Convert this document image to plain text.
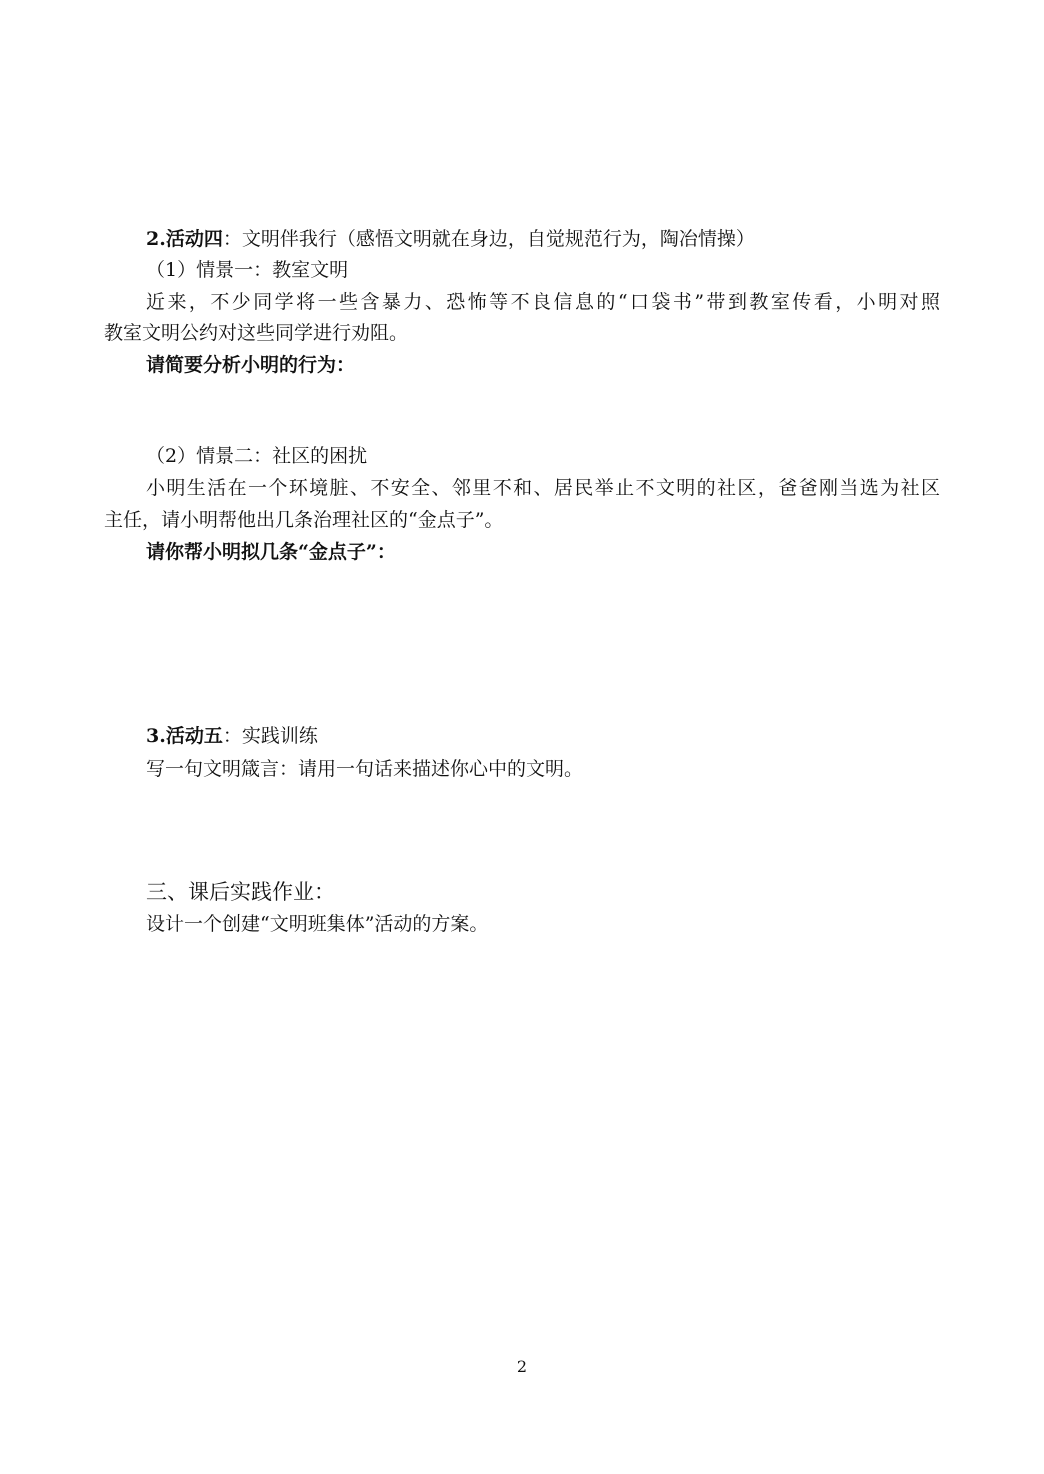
2.活动四：文明伴我行（感悟文明就在身边，自觉规范行为，陶冶情操）
（1）情景一：教室文明
近来，不少同学将一些含暴力、恐怖等不良信息的“口袋书”带到教室传看，小明对照
教室文明公约对这些同学进行劝阻。
请简要分析小明的行为：
（2）情景二：社区的困扰
小明生活在一个环境脏、不安全、邻里不和、居民举止不文明的社区，爸爸刚当选为社区
主任，请小明帮他出几条治理社区的“金点子”。
请你帮小明拟几条“金点子”：
3.活动五：实践训练
写一句文明箴言：请用一句话来描述你心中的文明。
三、课后实践作业：
设计一个创建“文明班集体”活动的方案。
2
